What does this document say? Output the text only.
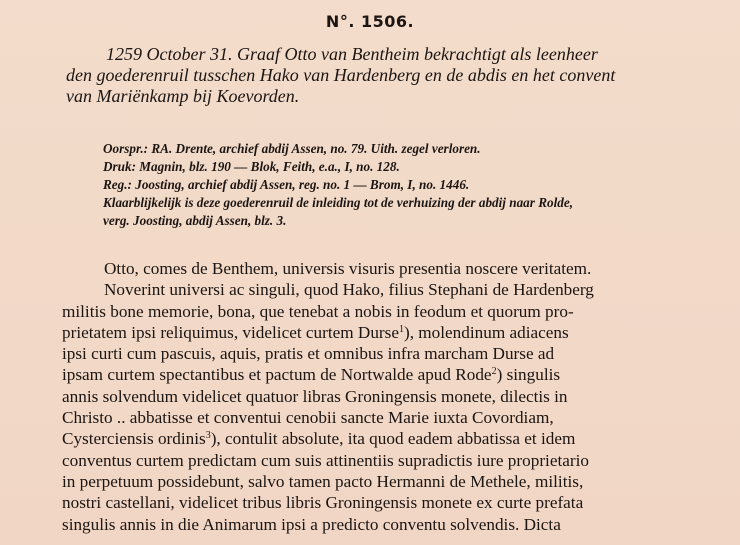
N°. 1506.
1259 October 31. Graaf Otto van Bentheim bekrachtigt als leenheer
den goederenruil tusschen Hako van Hardenberg en de abdis en het convent
van Mariënkamp bij Koevorden.
Oorspr.: RA. Drente, archief abdij Assen, no. 79. Uith. zegel verloren.
Druk: Magnin, blz. 190 — Blok, Feith, e.a., I, no. 128.
Reg.: Joosting, archief abdij Assen, reg. no. 1 — Brom, I, no. 1446.
Klaarblijkelijk is deze goederenruil de inleiding tot de verhuizing der abdij naar Rolde,
verg. Joosting, abdij Assen, blz. 3.
Otto, comes de Benthem, universis visuris presentia noscere veritatem.
Noverint universi ac singuli, quod Hako, filius Stephani de Hardenberg
militis bone memorie, bona, que tenebat a nobis in feodum et quorum pro-
prietatem ipsi reliquimus, videlicet curtem Durse$^1$), molendinum adiacens
ipsi curti cum pascuis, aquis, pratis et omnibus infra marcham Durse ad
ipsam curtem spectantibus et pactum de Nortwalde apud Rode$^2$) singulis
annis solvendum videlicet quatuor libras Groningensis monete, dilectis in
Christo .. abbatisse et conventui cenobii sancte Marie iuxta Covordiam,
Cysterciensis ordinis$^3$), contulit absolute, ita quod eadem abbatissa et idem
conventus curtem predictam cum suis attinentiis supradictis iure proprietario
in perpetuum possidebunt, salvo tamen pacto Hermanni de Methele, militis,
nostri castellani, videlicet tribus libris Groningensis monete ex curte prefata
singulis annis in die Animarum ipsi a predicto conventu solvendis. Dicta
